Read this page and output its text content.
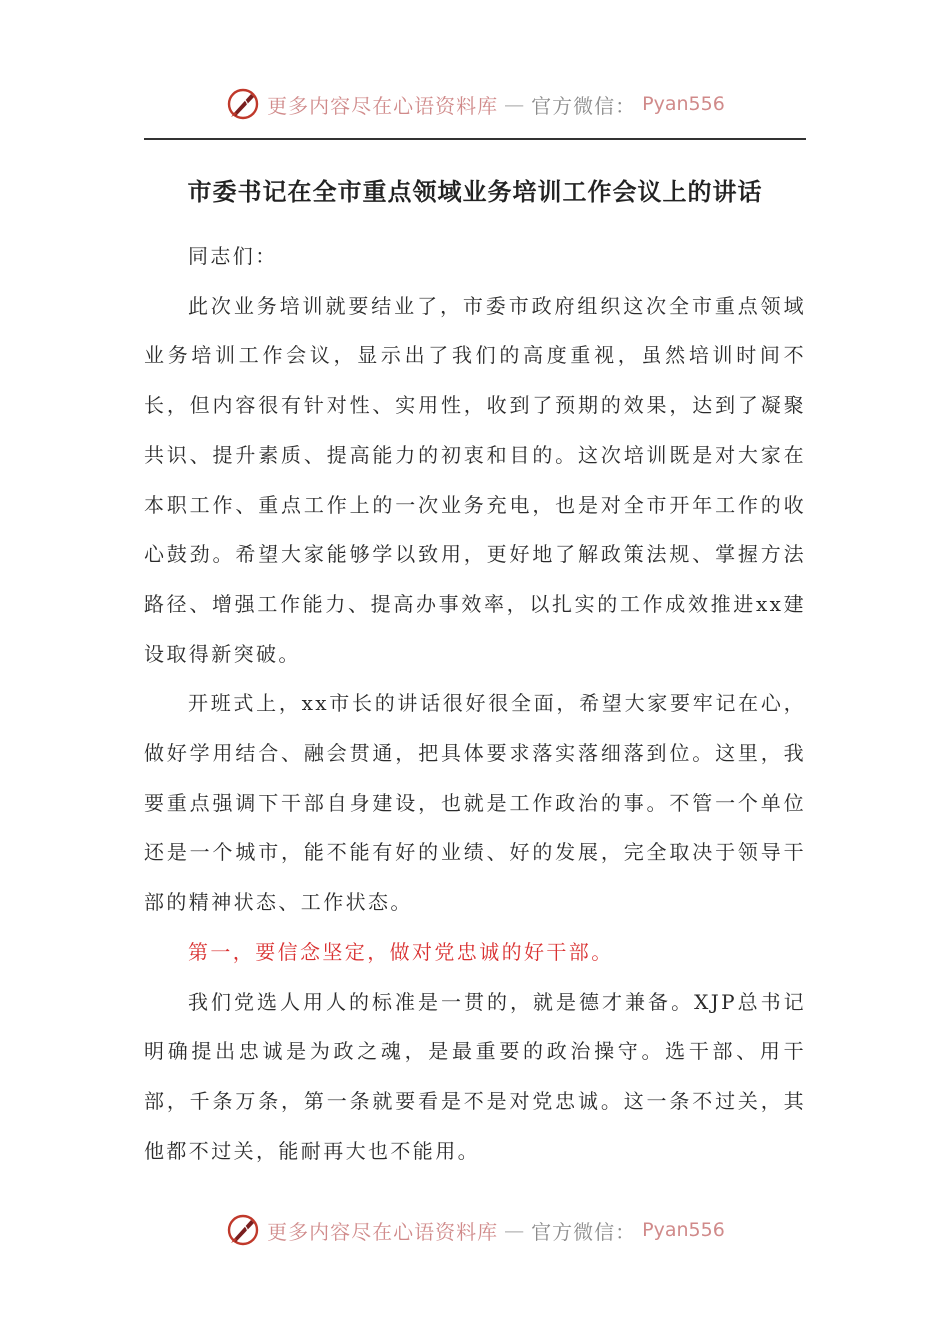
更多内容尽在心语资料库 — 官方微信： Pyan556
市委书记在全市重点领域业务培训工作会议上的讲话

同志们：

此次业务培训就要结业了，市委市政府组织这次全市重点领域业务培训工作会议，显示出了我们的高度重视，虽然培训时间不长，但内容很有针对性、实用性，收到了预期的效果，达到了凝聚共识、提升素质、提高能力的初衷和目的。这次培训既是对大家在本职工作、重点工作上的一次业务充电，也是对全市开年工作的收心鼓劲。希望大家能够学以致用，更好地了解政策法规、掌握方法路径、增强工作能力、提高办事效率，以扎实的工作成效推进xx建设取得新突破。

开班式上，xx市长的讲话很好很全面，希望大家要牢记在心，做好学用结合、融会贯通，把具体要求落实落细落到位。这里，我要重点强调下干部自身建设，也就是工作政治的事。不管一个单位还是一个城市，能不能有好的业绩、好的发展，完全取决于领导干部的精神状态、工作状态。

第一，要信念坚定，做对党忠诚的好干部。

我们党选人用人的标准是一贯的，就是德才兼备。XJP总书记明确提出忠诚是为政之魂，是最重要的政治操守。选干部、用干部，千条万条，第一条就要看是不是对党忠诚。这一条不过关，其他都不过关，能耐再大也不能用。

更多内容尽在心语资料库 — 官方微信： Pyan556
